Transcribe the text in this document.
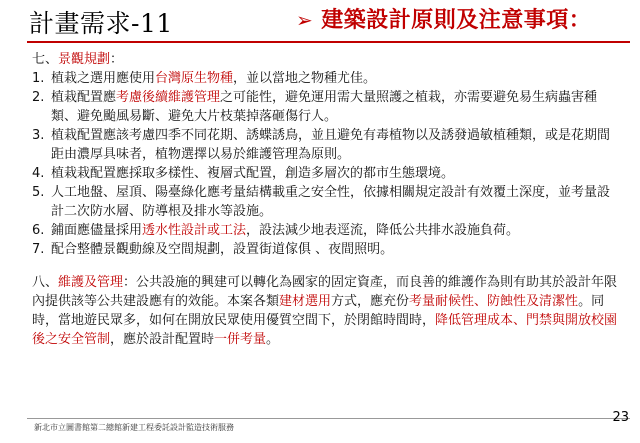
計畫需求-11	➢ 建築設計原則及注意事項：
七、景觀規劃：
1. 植栽之選用應使用台灣原生物種，並以當地之物種尤佳。
2. 植栽配置應考慮後續維護管理之可能性，避免運用需大量照護之植栽，亦需要避免易生病蟲害種類、避免颱風易斷、避免大片枝葉掉落砸傷行人。
3. 植栽配置應該考慮四季不同花期、誘蝶誘鳥，並且避免有毒植物以及誘發過敏植種類，或是花期間距由濃厚具味者，植物選擇以易於維護管理為原則。
4. 植栽栽配置應採取多樣性、複層式配置，創造多層次的都市生態環境。
5. 人工地盤、屋頂、陽臺綠化應考量結構載重之安全性，依據相關規定設計有效覆土深度，並考量設計二次防水層、防導根及排水等設施。
6. 鋪面應儘量採用透水性設計或工法，設法減少地表逕流，降低公共排水設施負荷。
7. 配合整體景觀動線及空間規劃，設置街道傢俱 、夜間照明。
八、維護及管理：公共設施的興建可以轉化為國家的固定資產，而良善的維護作為則有助其於設計年限內提供該等公共建設應有的效能。本案各類建材選用方式，應充份考量耐候性、防蝕性及清潔性。同時，當地遊民眾多，如何在開放民眾使用優質空間下，於閉館時間時，降低管理成本、門禁與開放校園後之安全管制，應於設計配置時一併考量。
新北市立圖書館第二總館新建工程委託設計監造技術服務
23
